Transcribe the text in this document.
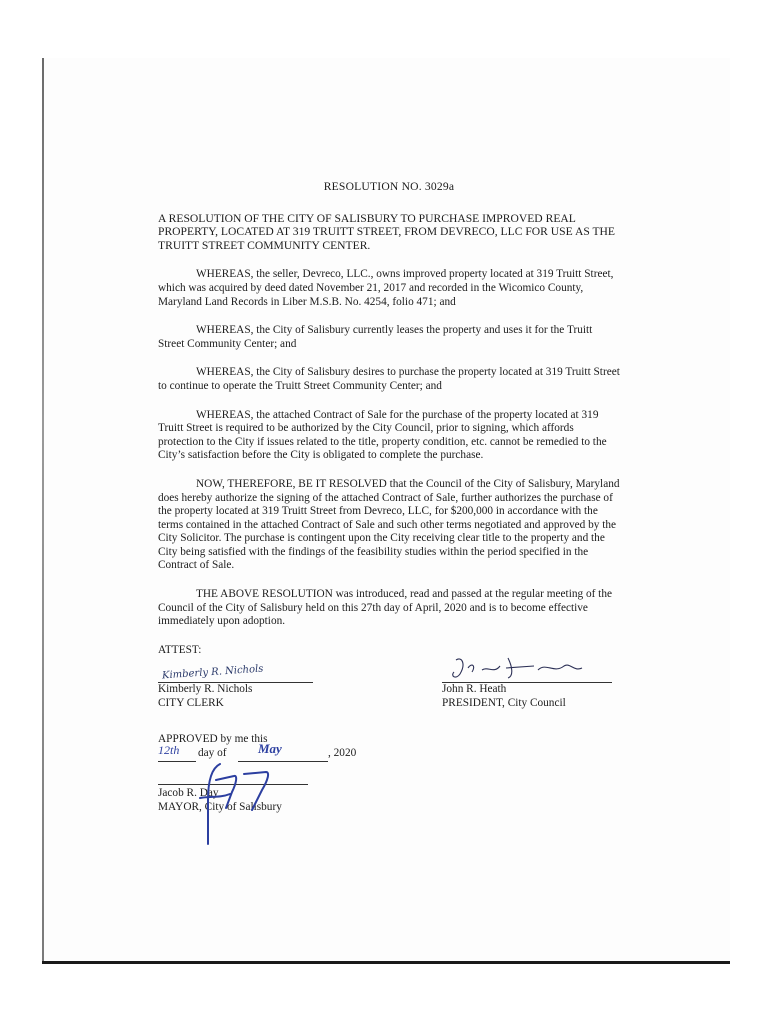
RESOLUTION NO. 3029a

A RESOLUTION OF THE CITY OF SALISBURY TO PURCHASE IMPROVED REAL PROPERTY, LOCATED AT 319 TRUITT STREET, FROM DEVRECO, LLC FOR USE AS THE TRUITT STREET COMMUNITY CENTER.

WHEREAS, the seller, Devreco, LLC., owns improved property located at 319 Truitt Street, which was acquired by deed dated November 21, 2017 and recorded in the Wicomico County, Maryland Land Records in Liber M.S.B. No. 4254, folio 471; and

WHEREAS, the City of Salisbury currently leases the property and uses it for the Truitt Street Community Center; and

WHEREAS, the City of Salisbury desires to purchase the property located at 319 Truitt Street to continue to operate the Truitt Street Community Center; and

WHEREAS, the attached Contract of Sale for the purchase of the property located at 319 Truitt Street is required to be authorized by the City Council, prior to signing, which affords protection to the City if issues related to the title, property condition, etc. cannot be remedied to the City’s satisfaction before the City is obligated to complete the purchase.

NOW, THEREFORE, BE IT RESOLVED that the Council of the City of Salisbury, Maryland does hereby authorize the signing of the attached Contract of Sale, further authorizes the purchase of the property located at 319 Truitt Street from Devreco, LLC, for $200,000 in accordance with the terms contained in the attached Contract of Sale and such other terms negotiated and approved by the City Solicitor. The purchase is contingent upon the City receiving clear title to the property and the City being satisfied with the findings of the feasibility studies within the period specified in the Contract of Sale.

THE ABOVE RESOLUTION was introduced, read and passed at the regular meeting of the Council of the City of Salisbury held on this 27th day of April, 2020 and is to become effective immediately upon adoption.

ATTEST:

Kimberly R. Nichols
Kimberly R. Nichols
CITY CLERK
John R. Heath
PRESIDENT, City Council
APPROVED by me this
12th day of May	, 2020
Jacob R. Day
MAYOR, City of Salisbury
